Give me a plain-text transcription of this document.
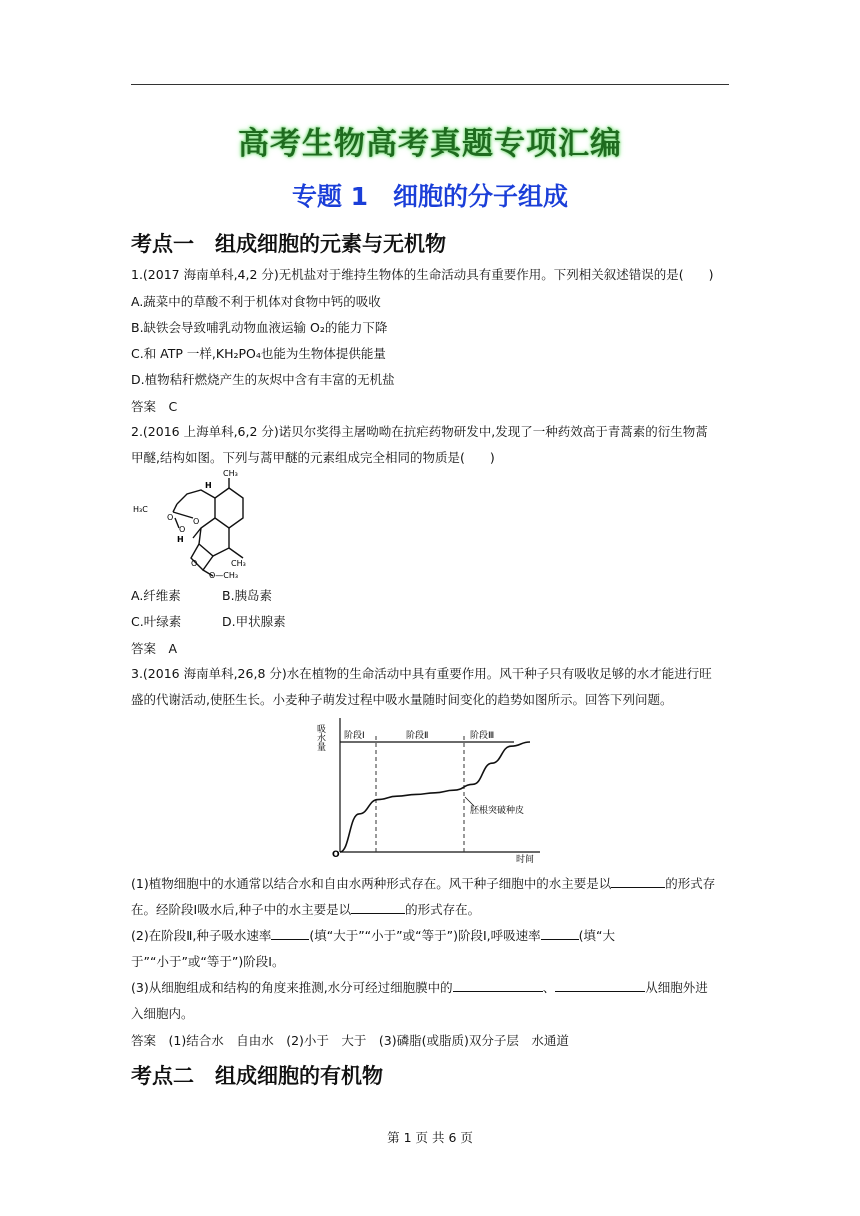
高考生物高考真题专项汇编
专题 1　细胞的分子组成
考点一　组成细胞的元素与无机物
1.(2017 海南单科,4,2 分)无机盐对于维持生物体的生命活动具有重要作用。下列相关叙述错误的是(　　)
A.蔬菜中的草酸不利于机体对食物中钙的吸收
B.缺铁会导致哺乳动物血液运输 O₂的能力下降
C.和 ATP 一样,KH₂PO₄也能为生物体提供能量
D.植物秸秆燃烧产生的灰烬中含有丰富的无机盐
答案　C
2.(2016 上海单科,6,2 分)诺贝尔奖得主屠呦呦在抗疟药物研发中,发现了一种药效高于青蒿素的衍生物蒿
甲醚,结构如图。下列与蒿甲醚的元素组成完全相同的物质是(　　)
CH₃
H₃C
H
H
O
O
O
O	CH₃
O—CH₃
A.纤维素	B.胰岛素
C.叶绿素	D.甲状腺素
答案　A
3.(2016 海南单科,26,8 分)水在植物的生命活动中具有重要作用。风干种子只有吸收足够的水才能进行旺
盛的代谢活动,使胚生长。小麦种子萌发过程中吸水量随时间变化的趋势如图所示。回答下列问题。
吸水量
时间
O
阶段Ⅰ	阶段Ⅱ	阶段Ⅲ
胚根突破种皮
(1)植物细胞中的水通常以结合水和自由水两种形式存在。风干种子细胞中的水主要是以	的形式存
在。经阶段Ⅰ吸水后,种子中的水主要是以	的形式存在。
(2)在阶段Ⅱ,种子吸水速率	(填“大于”“小于”或“等于”)阶段Ⅰ,呼吸速率	(填“大
于”“小于”或“等于”)阶段Ⅰ。
(3)从细胞组成和结构的角度来推测,水分可经过细胞膜中的	、	从细胞外进
入细胞内。
答案　(1)结合水　自由水　(2)小于　大于　(3)磷脂(或脂质)双分子层　水通道
考点二　组成细胞的有机物
第 1 页 共 6 页
